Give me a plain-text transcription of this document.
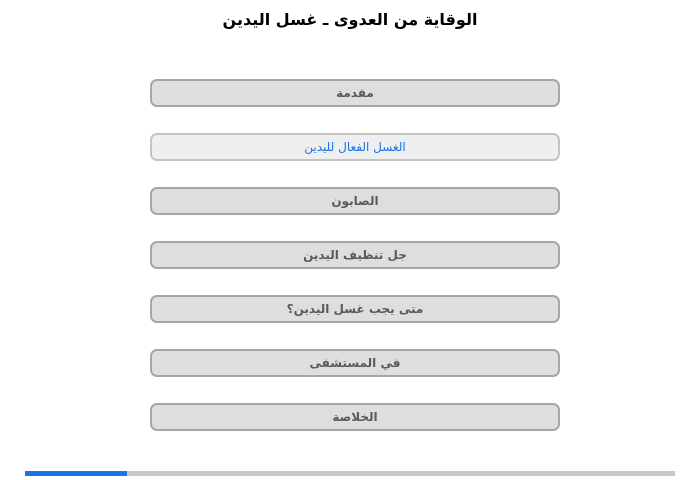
الوقاية من العدوى ـ غسل اليدين
مقدمة
الغسل الفعال لليدين
الصابون
جل تنظيف اليدين
متى يجب غسل اليدين؟
في المستشفى
الخلاصة
